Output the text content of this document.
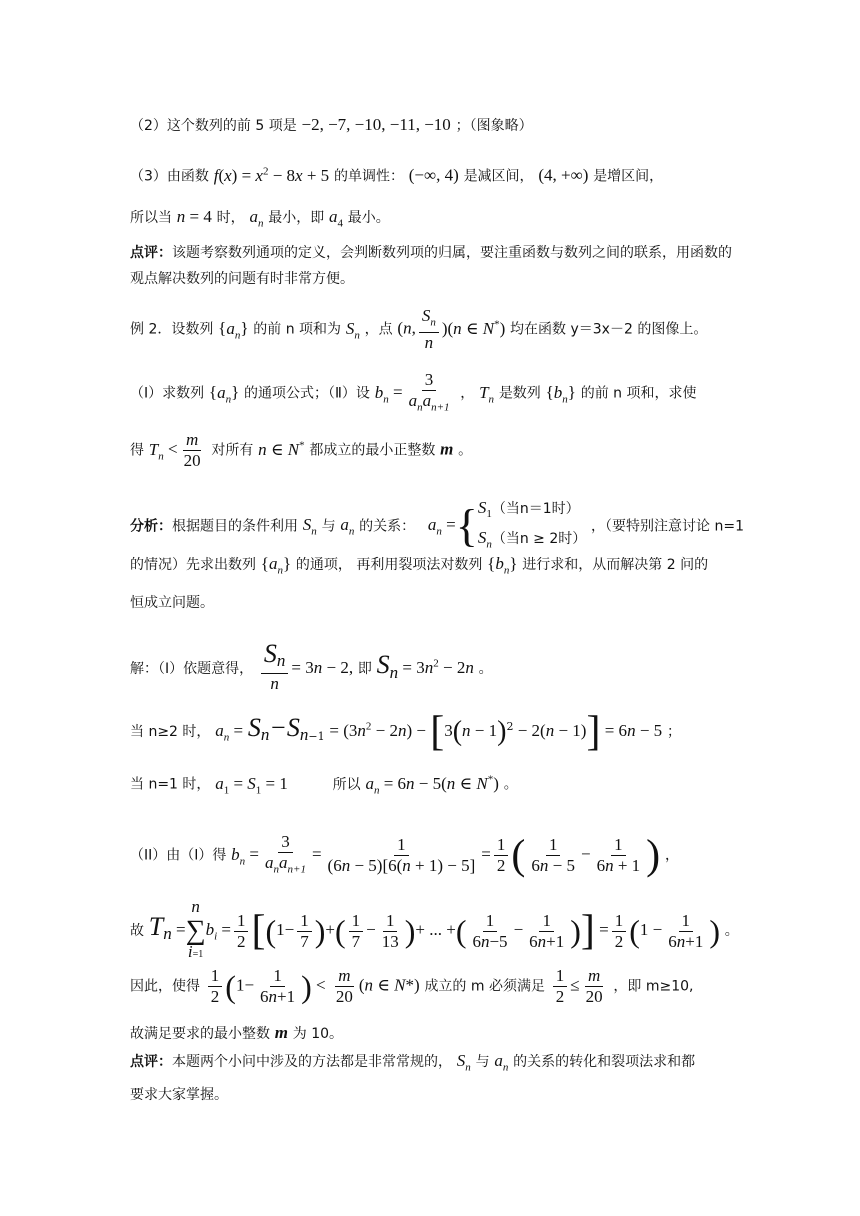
（2）这个数列的前 5 项是 −2, −7, −10, −11, −10 ；（图象略）
（3）由函数 $f(x) = x^2 - 8x + 5$ 的单调性： (−∞, 4) 是减区间， (4, +∞) 是增区间，
所以当 n = 4 时， $a_n$ 最小，即 $a_4$ 最小。
点评：该题考察数列通项的定义，会判断数列项的归属，要注重函数与数列之间的联系，用函数的观点解决数列的问题有时非常方便。
例 2．设数列 $\{a_n\}$ 的前 n 项和为 $S_n$ ，点 (n, $\frac{S_n}{n} )(n$ ∈ N*) 均在函数 y＝3x－2 的图像上。
（Ⅰ）求数列 $\{a_n\}$ 的通项公式；（Ⅱ）设 $b_n = \frac{3}{a_na_{n+1}}$ ， $T_n$ 是数列 $\{b_n\}$ 的前 n 项和，求使
得 $T_n < \frac{m}{20}$ 对所有 n ∈ N* 都成立的最小正整数 m 。
分析：根据题目的条件利用 $S_n$ 与 $a_n$ 的关系： $a_n$ ={ $S_1$（当n＝1时）
$S_n$（当n ≥ 2时）
，（要特别注意讨论 n=1
的情况）先求出数列 $\{a_n\}$ 的通项， 再利用裂项法对数列 $\{b_n\}$ 进行求和，从而解决第 2 问的
恒成立问题。
解：（I）依题意得， $\frac{S_n}{n} = 3n - 2$, 即 $S_n = 3n^2 - 2n$ 。
当 n≥2 时， $a_n = S_n-S_{n-1} = (3n^2 - 2n) - [3(n - 1)^2 - 2(n - 1)] = 6n - 5$ ；
当 n=1 时， $a_1 = S_1 = 1$	所以 $a_n = 6n - 5(n$ ∈ N*) 。
（II）由（I）得 $b_n = \frac{3}{a_na_{n+1}} = \frac{1}{(6n - 5)[6(n + 1) - 5]} = \frac{1}{2}$ ( $\frac{1}{6n - 5} - \frac{1}{6n + 1}$ ) ，
故 $T_n$ =
n
∑
i=1
$b_i = \frac{1}{2} [(1- \frac{1}{7}$ )+( $\frac{1}{7} - \frac{1}{13}$ )+ ... +( $\frac{1}{6n-5} - \frac{1}{6n+1}$ )] = $\frac{1}{2} (1 - \frac{1}{6n+1}$ ) 。
因此，使得 $\frac{1}{2} (1- \frac{1}{6n+1}$ ) < $\frac{m}{20} (n$ ∈ N*) 成立的 m 必须满足 $\frac{1}{2} \le \frac{m}{20}$ ，即 m≥10,
故满足要求的最小整数 m 为 10。
点评：本题两个小问中涉及的方法都是非常常规的， $S_n$ 与 $a_n$ 的关系的转化和裂项法求和都
要求大家掌握。
